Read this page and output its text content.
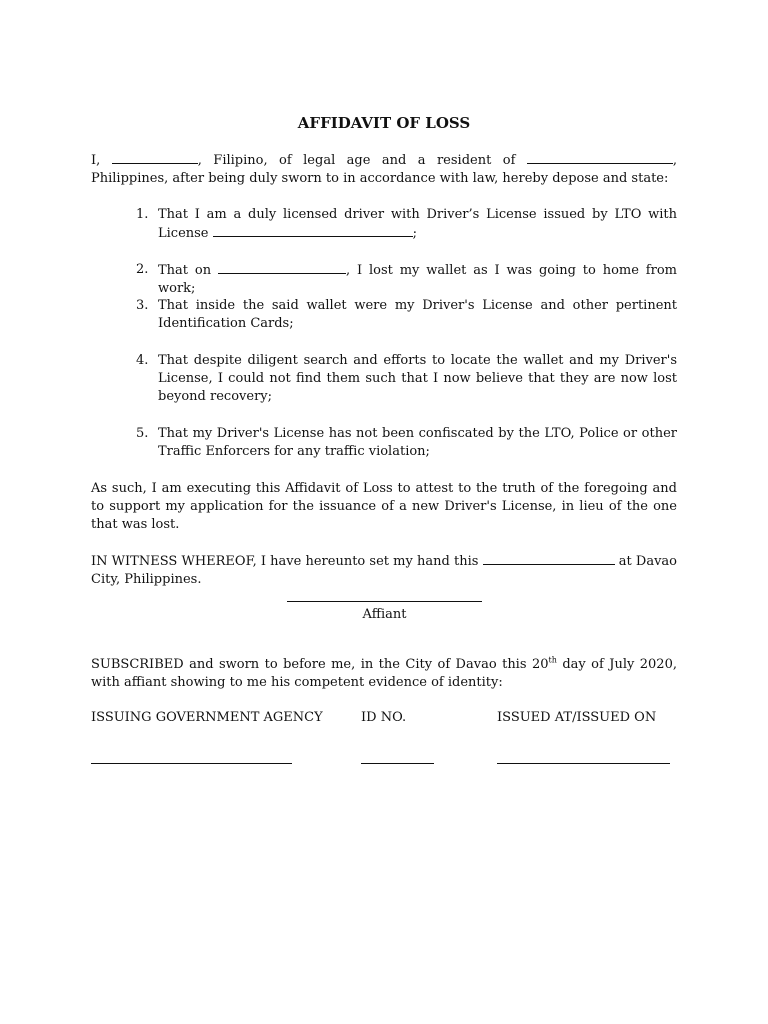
AFFIDAVIT OF LOSS
I,	, Filipino, of legal age and a resident of	, Philippines, after being duly sworn to in accordance with law, hereby depose and state:
1. That I am a duly licensed driver with Driver’s License issued by LTO with License	;
2. That on	, I lost my wallet as I was going to home from work;
3. That inside the said wallet were my Driver's License and other pertinent Identification Cards;
4. That despite diligent search and efforts to locate the wallet and my Driver's License, I could not find them such that I now believe that they are now lost beyond recovery;
5. That my Driver's License has not been confiscated by the LTO, Police or other Traffic Enforcers for any traffic violation;
As such, I am executing this Affidavit of Loss to attest to the truth of the foregoing and to support my application for the issuance of a new Driver's License, in lieu of the one that was lost.
IN WITNESS WHEREOF, I have hereunto set my hand this	at Davao City, Philippines.
Affiant
SUBSCRIBED and sworn to before me, in the City of Davao this 20th day of July 2020, with affiant showing to me his competent evidence of identity:
ISSUING GOVERNMENT AGENCY	ID NO.	ISSUED AT/ISSUED ON
